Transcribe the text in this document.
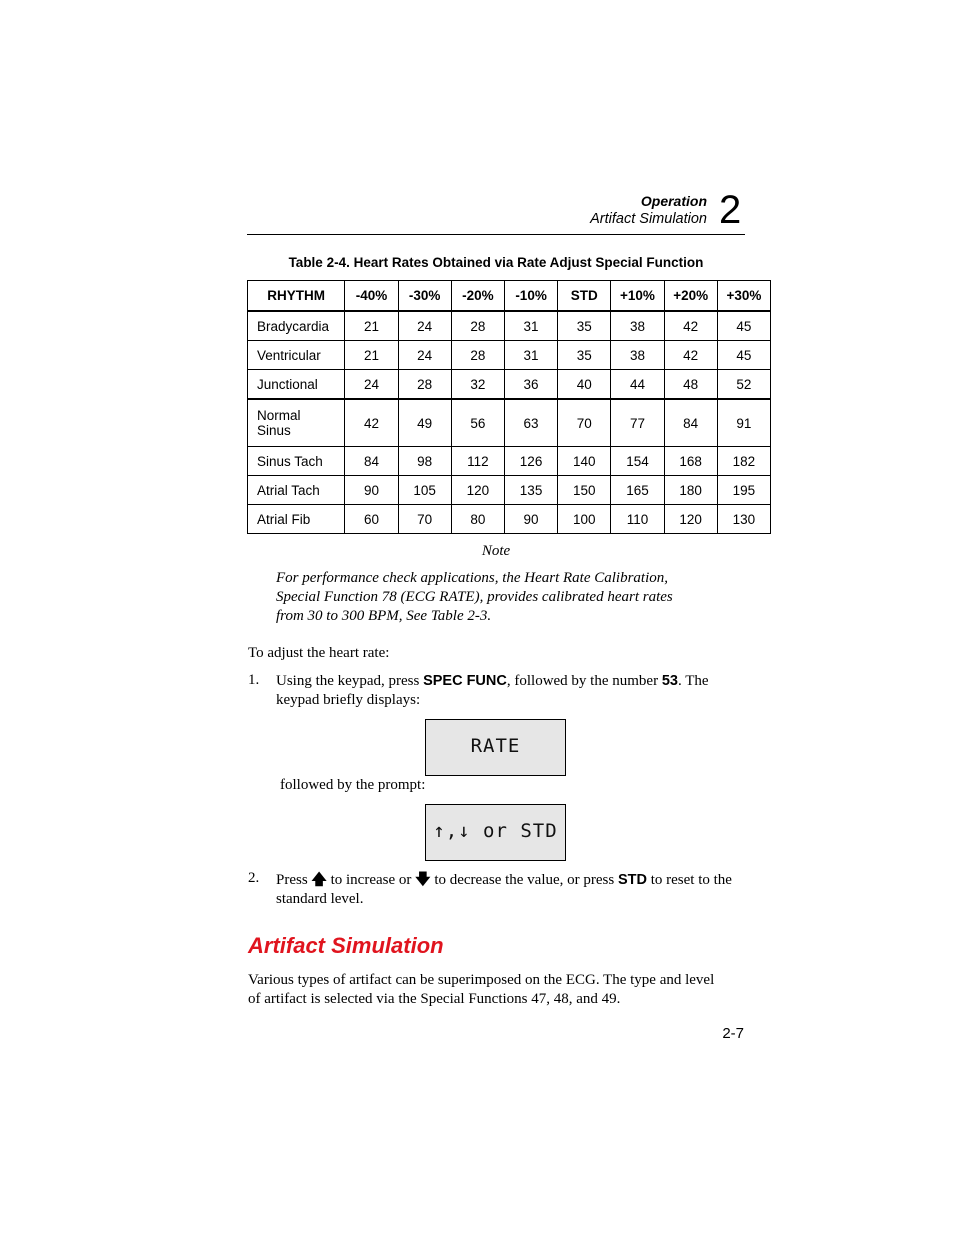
Operation
Artifact Simulation 2
Table 2-4. Heart Rates Obtained via Rate Adjust Special Function
RHYTHM	-40%	-30%	-20%	-10%	STD	+10%	+20%	+30%
Bradycardia	21	24	28	31	35	38	42	45
Ventricular	21	24	28	31	35	38	42	45
Junctional	24	28	32	36	40	44	48	52

Normal
Sinus	42	49	56	63	70	77	84	91
Sinus Tach	84	98	112	126	140	154	168	182
Atrial Tach	90	105	120	135	150	165	180	195
Atrial Fib	60	70	80	90	100	110	120	130
Note
For performance check applications, the Heart Rate Calibration,
Special Function 78 (ECG RATE), provides calibrated heart rates
from 30 to 300 BPM, See Table 2-3.
To adjust the heart rate:
1. Using the keypad, press SPEC FUNC, followed by the number 53. The
keypad briefly displays:
RATE
followed by the prompt:
↑,↓ or STD
2. Press 🡅 to increase or 🡇 to decrease the value, or press STD to reset to the
standard level.
Artifact Simulation
Various types of artifact can be superimposed on the ECG. The type and level
of artifact is selected via the Special Functions 47, 48, and 49.
2-7
